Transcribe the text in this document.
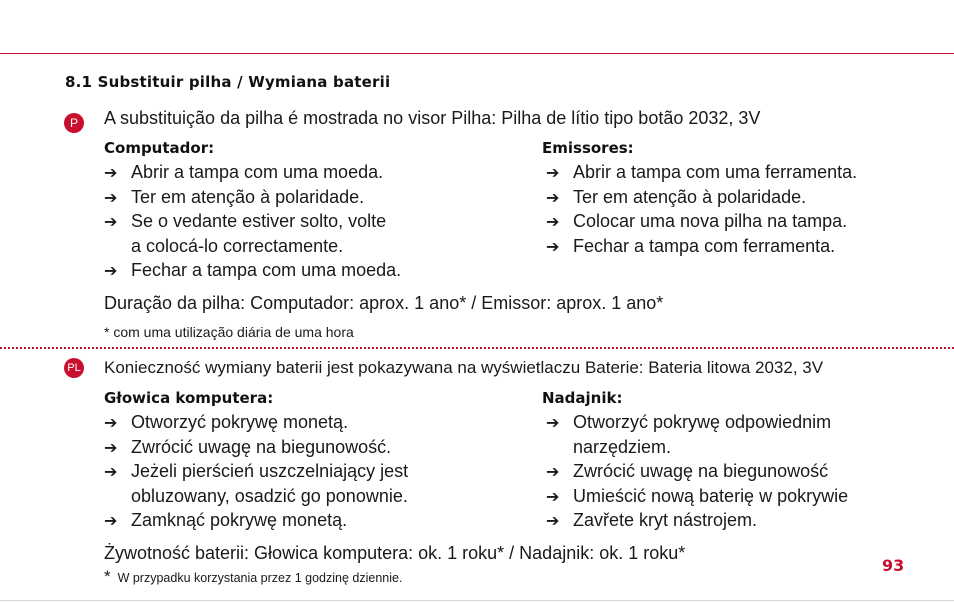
8.1 Substituir pilha / Wymiana baterii
P	A substituição da pilha é mostrada no visor Pilha: Pilha de lítio tipo botão 2032, 3V
Computador:	Emissores:
➔ Abrir a tampa com uma moeda.
➔ Ter em atenção à polaridade.
➔ Se o vedante estiver solto, volte
a colocá-lo correctamente.
➔ Fechar a tampa com uma moeda.
➔ Abrir a tampa com uma ferramenta.
➔ Ter em atenção à polaridade.
➔ Colocar uma nova pilha na tampa.
➔ Fechar a tampa com ferramenta.
Duração da pilha: Computador: aprox. 1 ano* / Emissor: aprox. 1 ano*
* com uma utilização diária de uma hora
PL Konieczność wymiany baterii jest pokazywana na wyświetlaczu Baterie: Bateria litowa 2032, 3V
Głowica komputera:	Nadajnik:
➔ Otworzyć pokrywę monetą.
➔ Zwrócić uwagę na biegunowość.
➔ Jeżeli pierścień uszczelniający jest
obluzowany, osadzić go ponownie.
➔ Zamknąć pokrywę monetą.
➔ Otworzyć pokrywę odpowiednim
narzędziem.
➔ Zwrócić uwagę na biegunowość
➔ Umieścić nową baterię w pokrywie
➔ Zavřete kryt nástrojem.
Żywotność baterii: Głowica komputera: ok. 1 roku* / Nadajnik: ok. 1 roku*
* W przypadku korzystania przez 1 godzinę dziennie.
93
